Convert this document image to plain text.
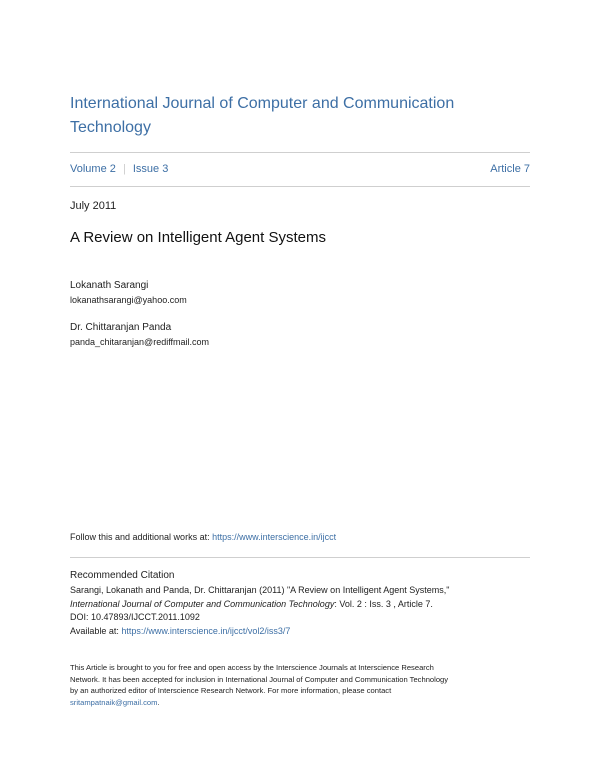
International Journal of Computer and Communication
Technology
Volume 2 | Issue 3	Article 7
July 2011
A Review on Intelligent Agent Systems
Lokanath Sarangi
lokanathsarangi@yahoo.com
Dr. Chittaranjan Panda
panda_chitaranjan@rediffmail.com
Follow this and additional works at: https://www.interscience.in/ijcct
Recommended Citation
Sarangi, Lokanath and Panda, Dr. Chittaranjan (2011) "A Review on Intelligent Agent Systems,"
International Journal of Computer and Communication Technology: Vol. 2 : Iss. 3 , Article 7.
DOI: 10.47893/IJCCT.2011.1092
Available at: https://www.interscience.in/ijcct/vol2/iss3/7
This Article is brought to you for free and open access by the Interscience Journals at Interscience Research
Network. It has been accepted for inclusion in International Journal of Computer and Communication Technology
by an authorized editor of Interscience Research Network. For more information, please contact
sritampatnaik@gmail.com.
